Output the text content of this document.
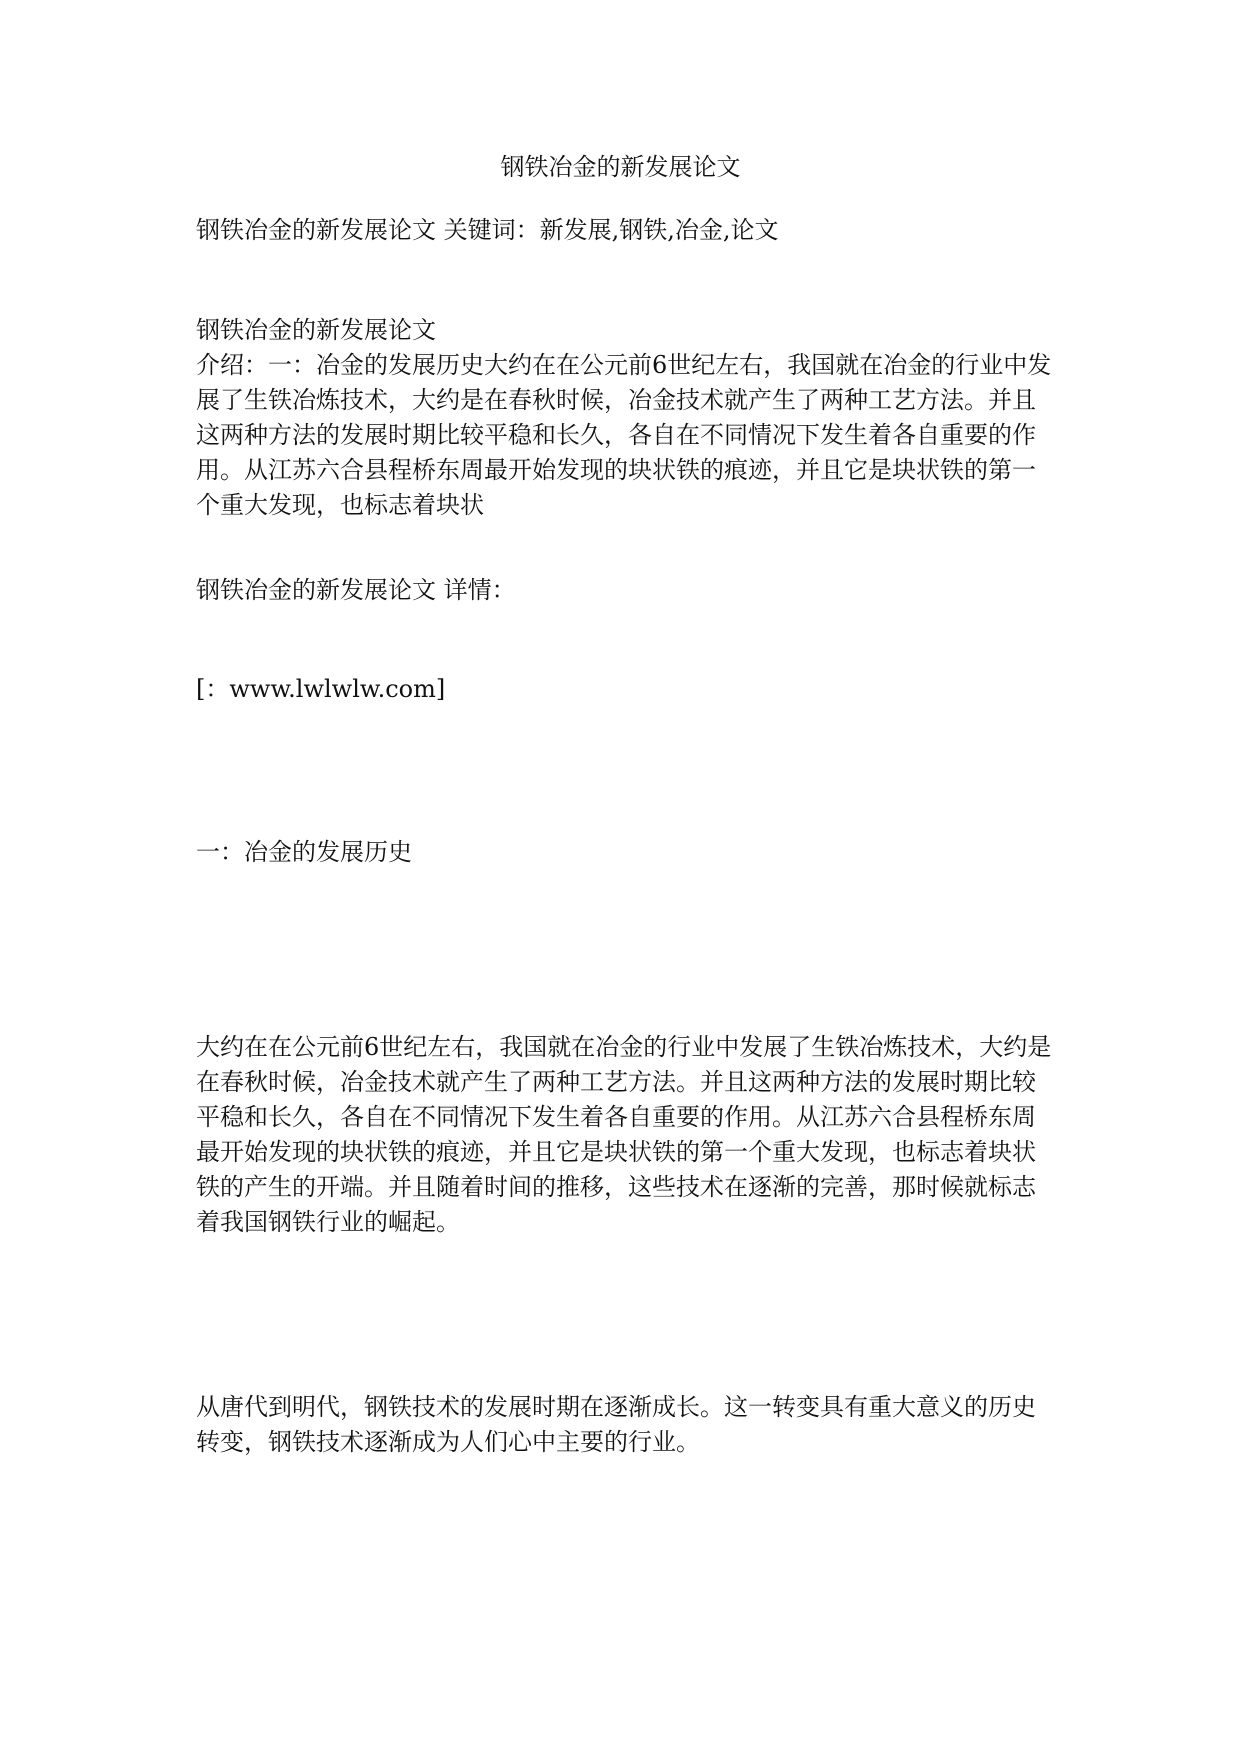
钢铁冶金的新发展论文

钢铁冶金的新发展论文 关键词：新发展,钢铁,冶金,论文

钢铁冶金的新发展论文

介绍：一：冶金的发展历史大约在在公元前6世纪左右，我国就在冶金的行业中发展了生铁冶炼技术，大约是在春秋时候，冶金技术就产生了两种工艺方法。并且这两种方法的发展时期比较平稳和长久，各自在不同情况下发生着各自重要的作用。从江苏六合县程桥东周最开始发现的块状铁的痕迹，并且它是块状铁的第一个重大发现，也标志着块状

钢铁冶金的新发展论文 详情：

[：www.lwlwlw.com]

一：冶金的发展历史

大约在在公元前6世纪左右，我国就在冶金的行业中发展了生铁冶炼技术，大约是在春秋时候，冶金技术就产生了两种工艺方法。并且这两种方法的发展时期比较平稳和长久，各自在不同情况下发生着各自重要的作用。从江苏六合县程桥东周最开始发现的块状铁的痕迹，并且它是块状铁的第一个重大发现，也标志着块状铁的产生的开端。并且随着时间的推移，这些技术在逐渐的完善，那时候就标志着我国钢铁行业的崛起。

从唐代到明代，钢铁技术的发展时期在逐渐成长。这一转变具有重大意义的历史转变，钢铁技术逐渐成为人们心中主要的行业。
